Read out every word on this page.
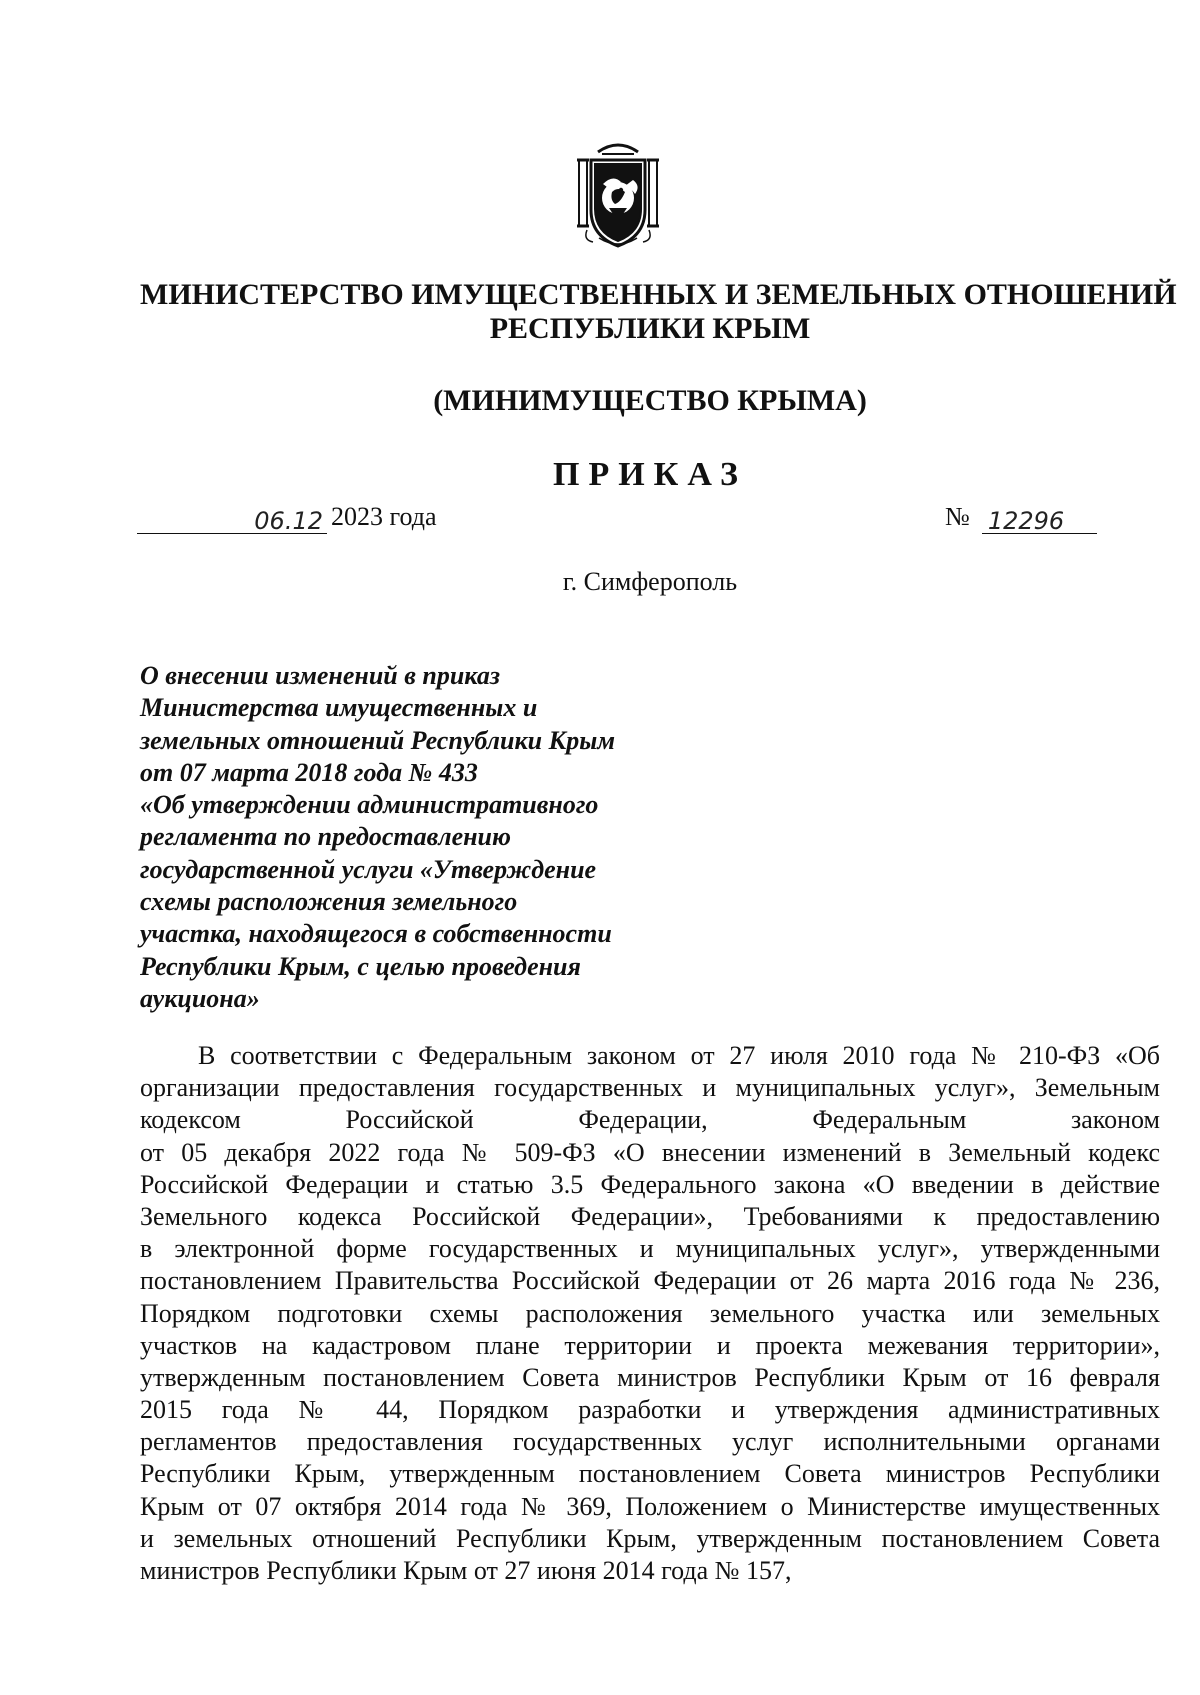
МИНИСТЕРСТВО ИМУЩЕСТВЕННЫХ И ЗЕМЕЛЬНЫХ ОТНОШЕНИЙ
РЕСПУБЛИКИ КРЫМ
(МИНИМУЩЕСТВО КРЫМА)
ПРИКАЗ
06.12 2023 года	№ 12296
г. Симферополь
О внесении изменений в приказ
Министерства имущественных и
земельных отношений Республики Крым
от 07 марта 2018 года № 433
«Об утверждении административного
регламента по предоставлению
государственной услуги «Утверждение
схемы расположения земельного
участка, находящегося в собственности
Республики Крым, с целью проведения
аукциона»
В соответствии с Федеральным законом от 27 июля 2010 года № 210-ФЗ «Об
организации предоставления государственных и муниципальных услуг», Земельным
кодексом Российской Федерации, Федеральным законом
от 05 декабря 2022 года № 509-ФЗ «О внесении изменений в Земельный кодекс
Российской Федерации и статью 3.5 Федерального закона «О введении в действие
Земельного кодекса Российской Федерации», Требованиями к предоставлению
в электронной форме государственных и муниципальных услуг», утвержденными
постановлением Правительства Российской Федерации от 26 марта 2016 года № 236,
Порядком подготовки схемы расположения земельного участка или земельных
участков на кадастровом плане территории и проекта межевания территории»,
утвержденным постановлением Совета министров Республики Крым от 16 февраля
2015 года № 44, Порядком разработки и утверждения административных
регламентов предоставления государственных услуг исполнительными органами
Республики Крым, утвержденным постановлением Совета министров Республики
Крым от 07 октября 2014 года № 369, Положением о Министерстве имущественных
и земельных отношений Республики Крым, утвержденным постановлением Совета
министров Республики Крым от 27 июня 2014 года № 157,
